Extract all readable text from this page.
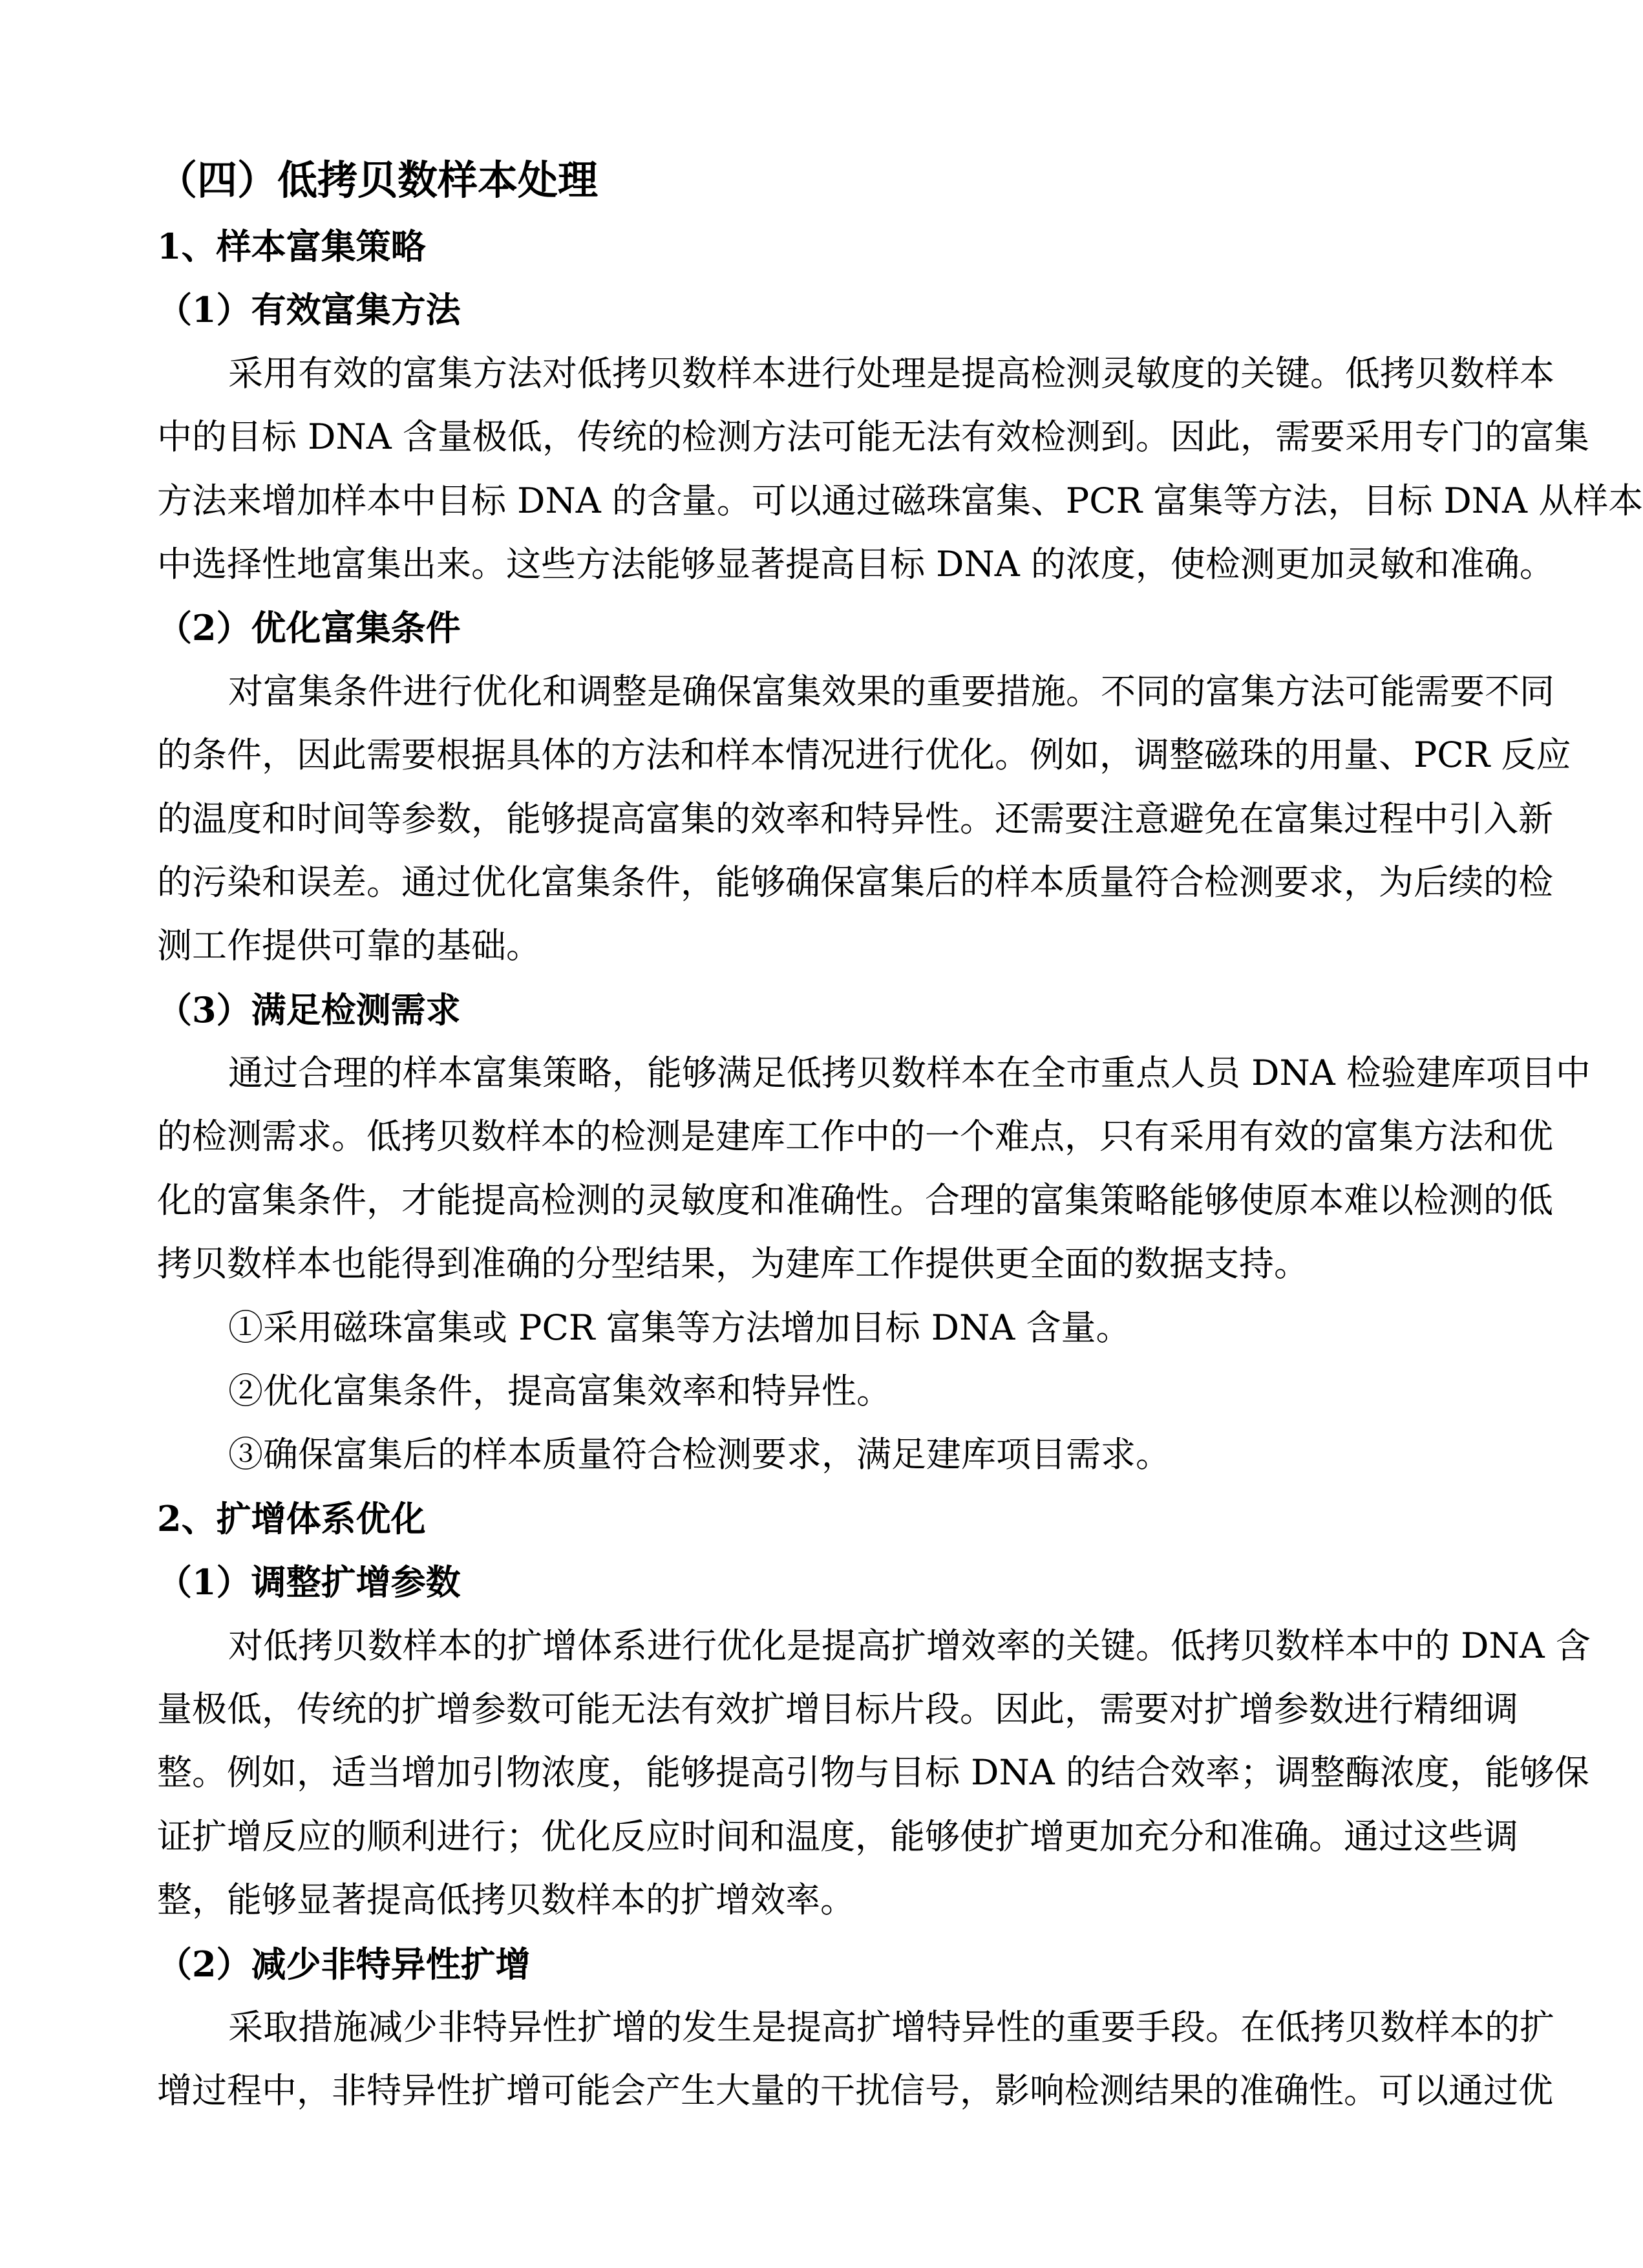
（四）低拷贝数样本处理
1、样本富集策略
（1）有效富集方法
采用有效的富集方法对低拷贝数样本进行处理是提高检测灵敏度的关键。低拷贝数样本
中的目标 DNA 含量极低，传统的检测方法可能无法有效检测到。因此，需要采用专门的富集
方法来增加样本中目标 DNA 的含量。可以通过磁珠富集、PCR 富集等方法，目标 DNA 从样本
中选择性地富集出来。这些方法能够显著提高目标 DNA 的浓度，使检测更加灵敏和准确。
（2）优化富集条件
对富集条件进行优化和调整是确保富集效果的重要措施。不同的富集方法可能需要不同
的条件，因此需要根据具体的方法和样本情况进行优化。例如，调整磁珠的用量、PCR 反应
的温度和时间等参数，能够提高富集的效率和特异性。还需要注意避免在富集过程中引入新
的污染和误差。通过优化富集条件，能够确保富集后的样本质量符合检测要求，为后续的检
测工作提供可靠的基础。
（3）满足检测需求
通过合理的样本富集策略，能够满足低拷贝数样本在全市重点人员 DNA 检验建库项目中
的检测需求。低拷贝数样本的检测是建库工作中的一个难点，只有采用有效的富集方法和优
化的富集条件，才能提高检测的灵敏度和准确性。合理的富集策略能够使原本难以检测的低
拷贝数样本也能得到准确的分型结果，为建库工作提供更全面的数据支持。
①采用磁珠富集或 PCR 富集等方法增加目标 DNA 含量。
②优化富集条件，提高富集效率和特异性。
③确保富集后的样本质量符合检测要求，满足建库项目需求。
2、扩增体系优化
（1）调整扩增参数
对低拷贝数样本的扩增体系进行优化是提高扩增效率的关键。低拷贝数样本中的 DNA 含
量极低，传统的扩增参数可能无法有效扩增目标片段。因此，需要对扩增参数进行精细调
整。例如，适当增加引物浓度，能够提高引物与目标 DNA 的结合效率；调整酶浓度，能够保
证扩增反应的顺利进行；优化反应时间和温度，能够使扩增更加充分和准确。通过这些调
整，能够显著提高低拷贝数样本的扩增效率。
（2）减少非特异性扩增
采取措施减少非特异性扩增的发生是提高扩增特异性的重要手段。在低拷贝数样本的扩
增过程中，非特异性扩增可能会产生大量的干扰信号，影响检测结果的准确性。可以通过优
